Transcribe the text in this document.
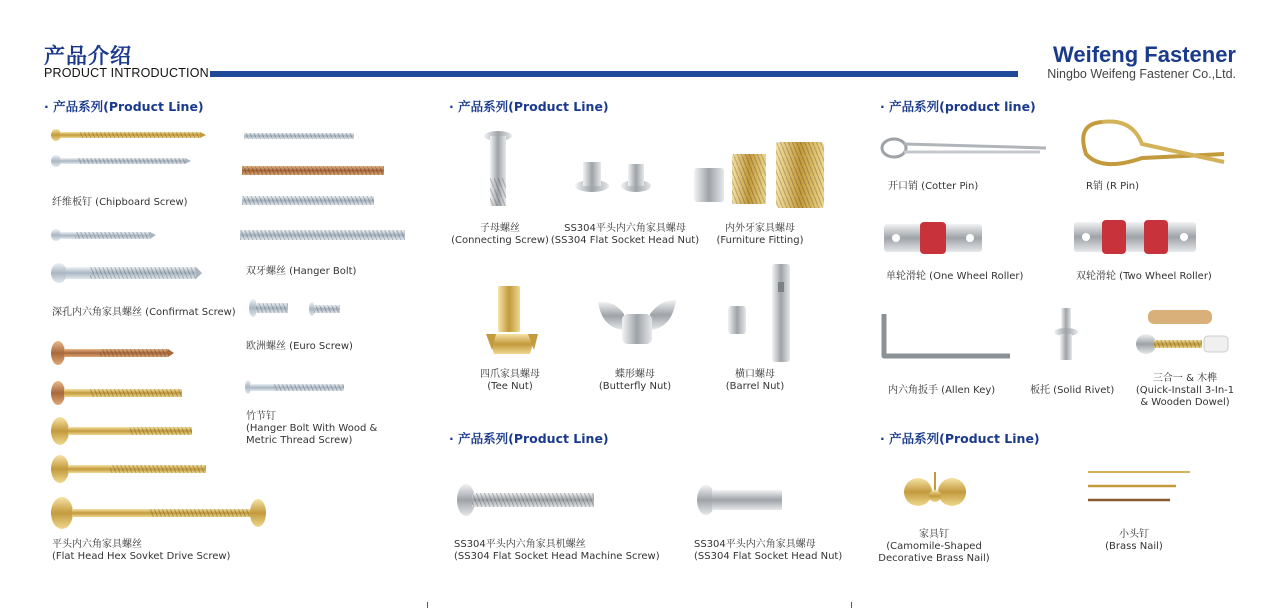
产品介绍
PRODUCT INTRODUCTION
Weifeng Fastener
Ningbo Weifeng Fastener Co.,Ltd.
· 产品系列(Product Line)
纤维板钉 (Chipboard Screw)
深孔内六角家具螺丝 (Confirmat Screw)
平头内六角家具螺丝
(Flat Head Hex Sovket Drive Screw)
双牙螺丝 (Hanger Bolt)
欧洲螺丝 (Euro Screw)
竹节钉
(Hanger Bolt With Wood &
Metric Thread Screw)
· 产品系列(Product Line)
子母螺丝
(Connecting Screw)
SS304平头内六角家具螺母
(SS304 Flat Socket Head Nut)
内外牙家具螺母
(Furniture Fitting)
四爪家具螺母
(Tee Nut)
蝶形螺母
(Butterfly Nut)
横口螺母
(Barrel Nut)
· 产品系列(Product Line)
SS304平头内六角家具机螺丝
(SS304 Flat Socket Head Machine Screw)
SS304平头内六角家具螺母
(SS304 Flat Socket Head Nut)
· 产品系列(product line)
开口销 (Cotter Pin)	R销 (R Pin)
单轮滑轮 (One Wheel Roller)	双轮滑轮 (Two Wheel Roller)
内六角扳手 (Allen Key)	板托 (Solid Rivet)
三合一 & 木榫
(Quick-Install 3-In-1
& Wooden Dowel)
· 产品系列(Product Line)
家具钉
(Camomile-Shaped
Decorative Brass Nail)
小头钉
(Brass Nail)
